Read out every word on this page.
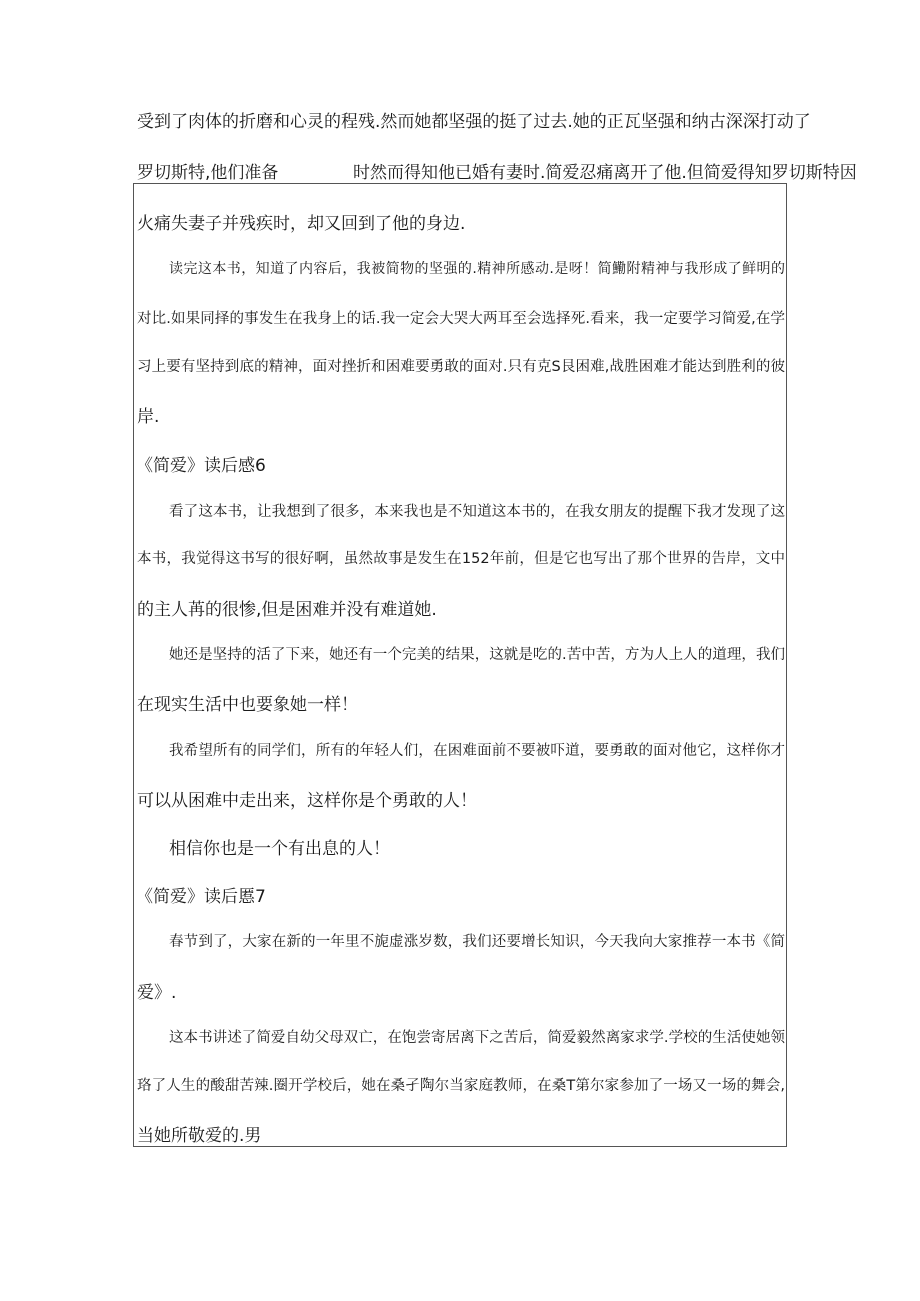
受到了肉体的折磨和心灵的程残.然而她都坚强的挺了过去.她的正瓦坚强和纳古深深打动了
罗切斯特,他们准备	时然而得知他已婚有妻时.简爱忍痛离开了他.但简爱得知罗切斯特因
火痛失妻子并残疾时，却又回到了他的身边.
读完这本书，知道了内容后，我被简物的坚强的.精神所感动.是呀！简鰳附精神与我形成了鲜明的
对比.如果同择的事发生在我身上的话.我一定会大哭大两耳至会选择死.看来，我一定要学习简爱,在学
习上要有坚持到底的精神，面对挫折和困难要勇敢的面对.只有克S艮困难,战胜困难才能达到胜利的彼
岸.
《简爱》读后感6
看了这本书，让我想到了很多，本来我也是不知道这本书的，在我女朋友的提醒下我才发现了这
本书，我觉得这书写的很好啊，虽然故事是发生在152年前，但是它也写出了那个世界的告岸，文中
的主人苒的很惨,但是困难并没有难道她.
她还是坚持的活了下来，她还有一个完美的结果，这就是吃的.苦中苦，方为人上人的道理，我们
在现实生活中也要象她一样！
我希望所有的同学们，所有的年轻人们，在困难面前不要被吓道，要勇敢的面对他它，这样你才
可以从困难中走出来，这样你是个勇敢的人！
相信你也是一个有出息的人！
《简爱》读后慝7
春节到了，大家在新的一年里不旎虚涨岁数，我们还要增长知识，今天我向大家推荐一本书《简
爱》.
这本书讲述了简爱自幼父母双亡，在饱尝寄居离下之苦后，简爱毅然离家求学.学校的生活使她领
珞了人生的酸甜苦辣.圈开学校后，她在桑孑陶尔当家庭教师，在桑T第尔家参加了一场又一场的舞会,
当她所敬爱的.男
